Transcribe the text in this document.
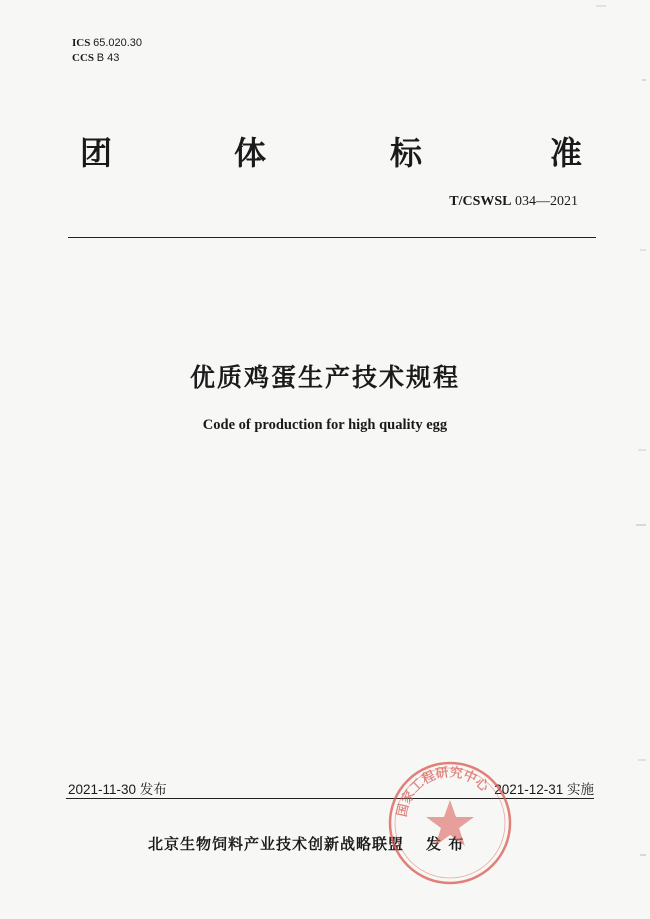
ICS 65.020.30
CCS B 43
团	体	标	准
T/CSWSL 034—2021
优质鸡蛋生产技术规程
Code of production for high quality egg
2021-11-30 发布	2021-12-31 实施
北京生物饲料产业技术创新战略联盟 发 布
国家工程研究中心
